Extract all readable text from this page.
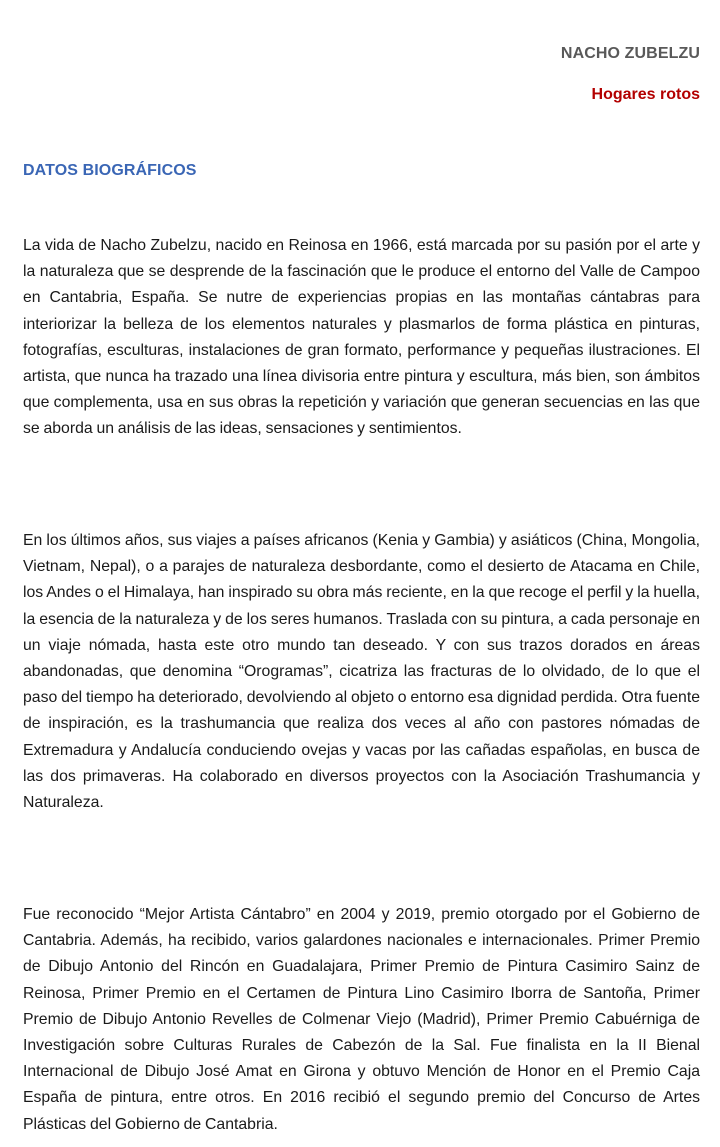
NACHO ZUBELZU
Hogares rotos
DATOS BIOGRÁFICOS

La vida de Nacho Zubelzu, nacido en Reinosa en 1966, está marcada por su pasión por el arte y la naturaleza que se desprende de la fascinación que le produce el entorno del Valle de Campoo en Cantabria, España. Se nutre de experiencias propias en las montañas cántabras para interiorizar la belleza de los elementos naturales y plasmarlos de forma plástica en pinturas, fotografías, esculturas, instalaciones de gran formato, performance y pequeñas ilustraciones. El artista, que nunca ha trazado una línea divisoria entre pintura y escultura, más bien, son ámbitos que complementa, usa en sus obras la repetición y variación que generan secuencias en las que se aborda un análisis de las ideas, sensaciones y sentimientos.

En los últimos años, sus viajes a países africanos (Kenia y Gambia) y asiáticos (China, Mongolia, Vietnam, Nepal), o a parajes de naturaleza desbordante, como el desierto de Atacama en Chile, los Andes o el Himalaya, han inspirado su obra más reciente, en la que recoge el perfil y la huella, la esencia de la naturaleza y de los seres humanos. Traslada con su pintura, a cada personaje en un viaje nómada, hasta este otro mundo tan deseado. Y con sus trazos dorados en áreas abandonadas, que denomina “Orogramas”, cicatriza las fracturas de lo olvidado, de lo que el paso del tiempo ha deteriorado, devolviendo al objeto o entorno esa dignidad perdida. Otra fuente de inspiración, es la trashumancia que realiza dos veces al año con pastores nómadas de Extremadura y Andalucía conduciendo ovejas y vacas por las cañadas españolas, en busca de las dos primaveras. Ha colaborado en diversos proyectos con la Asociación Trashumancia y Naturaleza.

Fue reconocido “Mejor Artista Cántabro” en 2004 y 2019, premio otorgado por el Gobierno de Cantabria. Además, ha recibido, varios galardones nacionales e internacionales. Primer Premio de Dibujo Antonio del Rincón en Guadalajara, Primer Premio de Pintura Casimiro Sainz de Reinosa, Primer Premio en el Certamen de Pintura Lino Casimiro Iborra de Santoña, Primer Premio de Dibujo Antonio Revelles de Colmenar Viejo (Madrid), Primer Premio Cabuérniga de Investigación sobre Culturas Rurales de Cabezón de la Sal. Fue finalista en la II Bienal Internacional de Dibujo José Amat en Girona y obtuvo Mención de Honor en el Premio Caja España de pintura, entre otros. En 2016 recibió el segundo premio del Concurso de Artes Plásticas del Gobierno de Cantabria.
